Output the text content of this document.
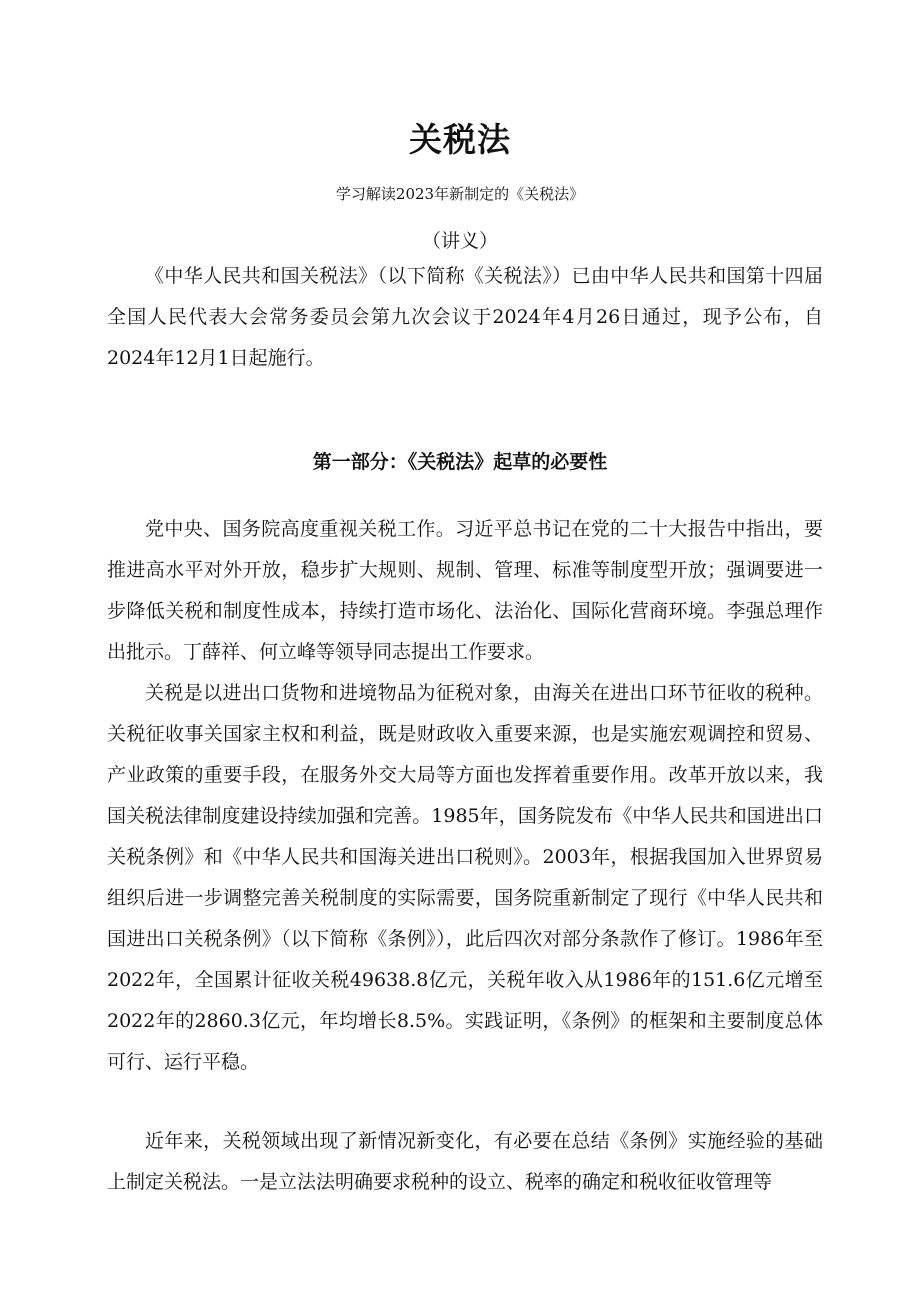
关税法

学习解读2023年新制定的《关税法》

（讲义）

《中华人民共和国关税法》（以下简称《关税法》）已由中华人民共和国第十四届全国人民代表大会常务委员会第九次会议于2024年4月26日通过，现予公布，自2024年12月1日起施行。

第一部分：《关税法》起草的必要性

党中央、国务院高度重视关税工作。习近平总书记在党的二十大报告中指出，要推进高水平对外开放，稳步扩大规则、规制、管理、标准等制度型开放；强调要进一步降低关税和制度性成本，持续打造市场化、法治化、国际化营商环境。李强总理作出批示。丁薛祥、何立峰等领导同志提出工作要求。

关税是以进出口货物和进境物品为征税对象，由海关在进出口环节征收的税种。关税征收事关国家主权和利益，既是财政收入重要来源，也是实施宏观调控和贸易、产业政策的重要手段，在服务外交大局等方面也发挥着重要作用。改革开放以来，我国关税法律制度建设持续加强和完善。1985年，国务院发布《中华人民共和国进出口关税条例》和《中华人民共和国海关进出口税则》。2003年，根据我国加入世界贸易组织后进一步调整完善关税制度的实际需要，国务院重新制定了现行《中华人民共和国进出口关税条例》（以下简称《条例》），此后四次对部分条款作了修订。1986年至2022年，全国累计征收关税49638.8亿元，关税年收入从1986年的151.6亿元增至2022年的2860.3亿元，年均增长8.5%。实践证明，《条例》的框架和主要制度总体可行、运行平稳。

近年来，关税领域出现了新情况新变化，有必要在总结《条例》实施经验的基础上制定关税法。一是立法法明确要求税种的设立、税率的确定和税收征收管理等
